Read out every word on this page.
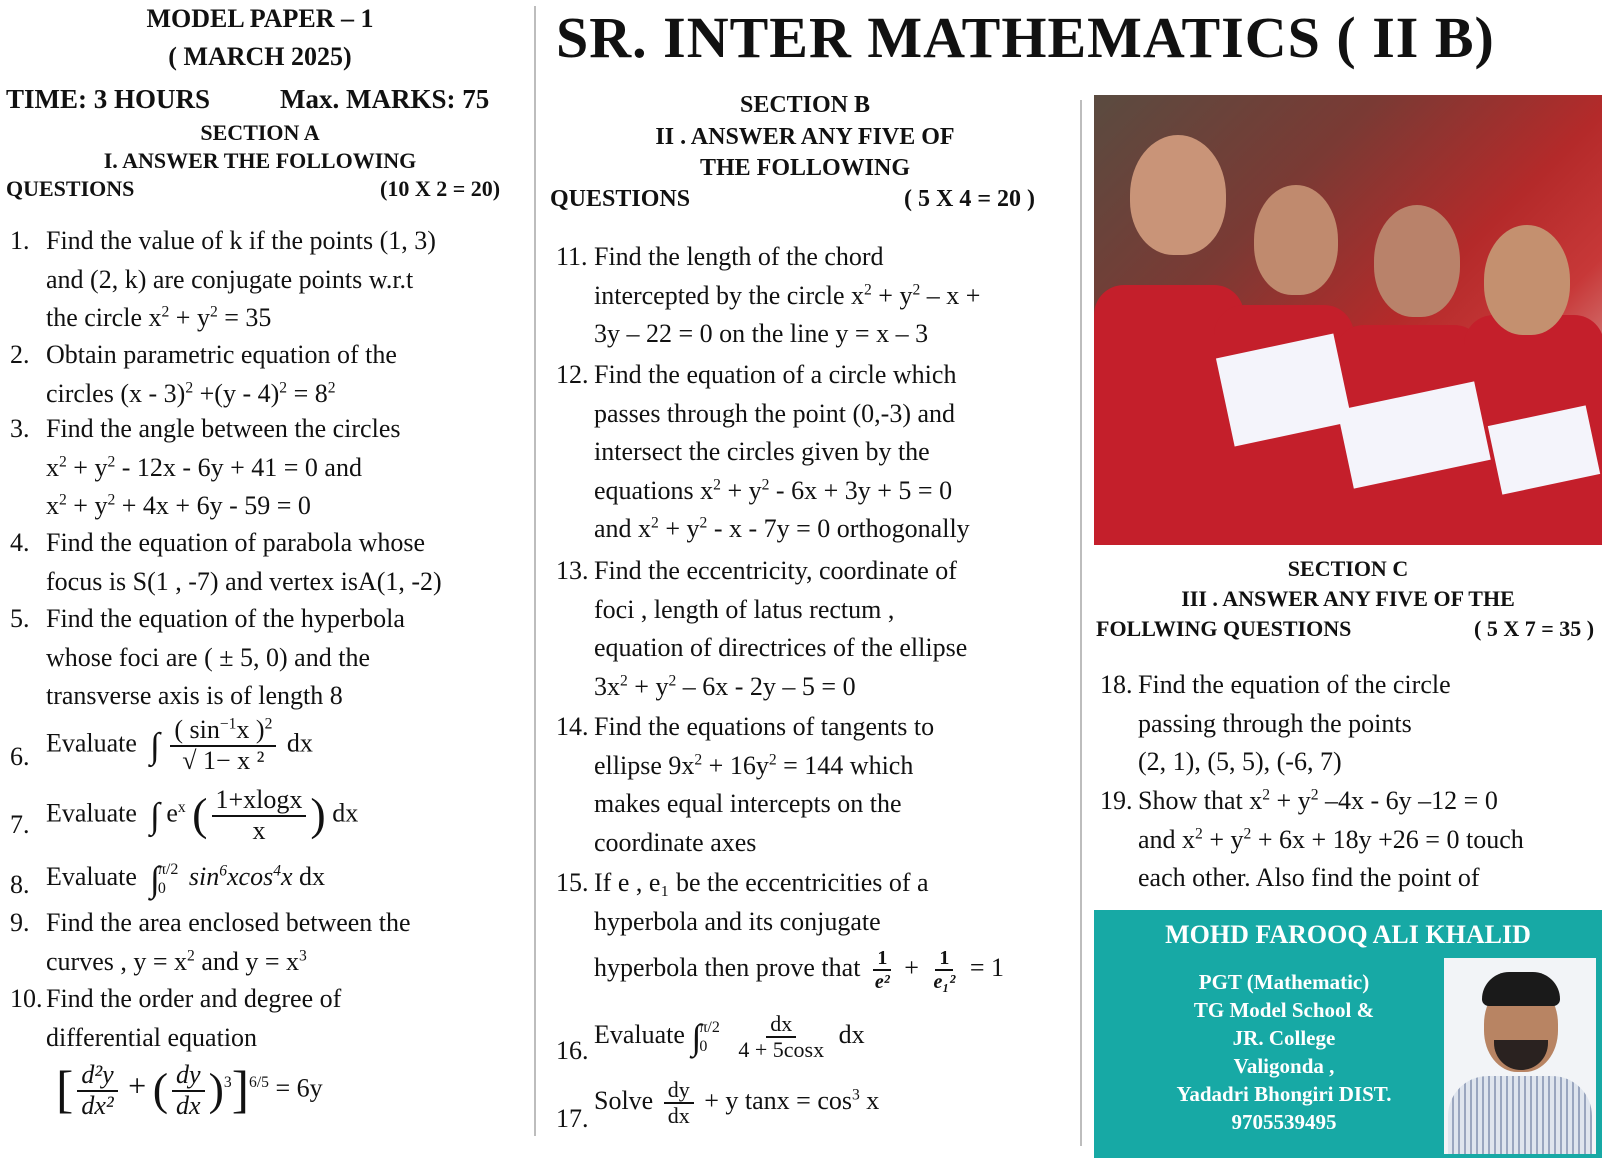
MODEL PAPER – 1
( MARCH 2025)
TIME: 3 HOURS	Max. MARKS: 75
SECTION A
I. ANSWER THE FOLLOWING
QUESTIONS	(10 X 2 = 20)
SR. INTER MATHEMATICS ( II B)
SECTION B
II . ANSWER ANY FIVE OF
THE FOLLOWING
QUESTIONS	( 5 X 4 = 20 )
1. Find the value of k if the points (1, 3)
and (2, k) are conjugate points w.r.t
the circle $x^2 + y^2 = 35$
2. Obtain parametric equation of the
circles $(x - 3)^2 +(y - 4)^2 = 8^2$
3. Find the angle between the circles
$x^2 + y^2 - 12x - 6y + 41 = 0$ and
$x^2 + y^2 + 4x + 6y - 59 = 0$
4. Find the equation of parabola whose
focus is S(1 , -7) and vertex isA(1, -2)
5. Find the equation of the hyperbola
whose foci are ( ± 5, 0) and the
transverse axis is of length 8
6. Evaluate ∫ $\frac{( \sin^{-1}x )^2}{\text{√ 1− x ²}}$ dx
7. Evaluate ∫ $e^x$ ( $\frac{1+xlogx}{x}$ ) dx
8. Evaluate ∫
π/2
0 $\sin^6xcos^4x$ dx
9. Find the area enclosed between the
curves , $y = x^2$ and $y = x^3$
10. Find the order and degree of
differential equation
[ $\frac{\text{d²y}}{\text{dx²}}$ + ( $\frac{dy}{dx} )^3]^{6/5} = 6y$
11. Find the length of the chord
intercepted by the circle $x^2 + y^2 - x$ +
3y – 22 = 0 on the line y = x – 3
12. Find the equation of a circle which
passes through the point (0,-3) and
intersect the circles given by the
equations $x^2 + y^2 - 6x + 3y + 5 = 0$
and $x^2 + y^2 - x - 7y = 0$ orthogonally
13. Find the eccentricity, coordinate of
foci , length of latus rectum ,
equation of directrices of the ellipse
$3x^2 + y^2 - 6x - 2y - 5 = 0$
14. Find the equations of tangents to
ellipse $9x^2 + 16y^2 = 144$ which
makes equal intercepts on the
coordinate axes
15. If e , e₁ be the eccentricities of a
hyperbola and its conjugate
hyperbola then prove that $\frac{1}{\text{e²}} + \frac{1}{\text{e₁²}} = 1$
16.
Evaluate ∫
π/2
0
	$\frac{dx}{4 + 5\cos x}$ dx
17.
Solve $\frac{dy}{dx} + y$ $\tan x = \cos^3 x$
SECTION C
III . ANSWER ANY FIVE OF THE
FOLLWING QUESTIONS	( 5 X 7 = 35 )
18. Find the equation of the circle
passing through the points
(2, 1), (5, 5), (-6, 7)
19. Show that $x^2 + y^2$ –4x - 6y –12 = 0
and $x^2 + y^2 + 6x + 18y +26 = 0$ touch
each other. Also find the point of
MOHD FAROOQ ALI KHALID
PGT (Mathematic)
TG Model School &
JR. College
Valigonda ,
Yadadri Bhongiri DIST.
9705539495
